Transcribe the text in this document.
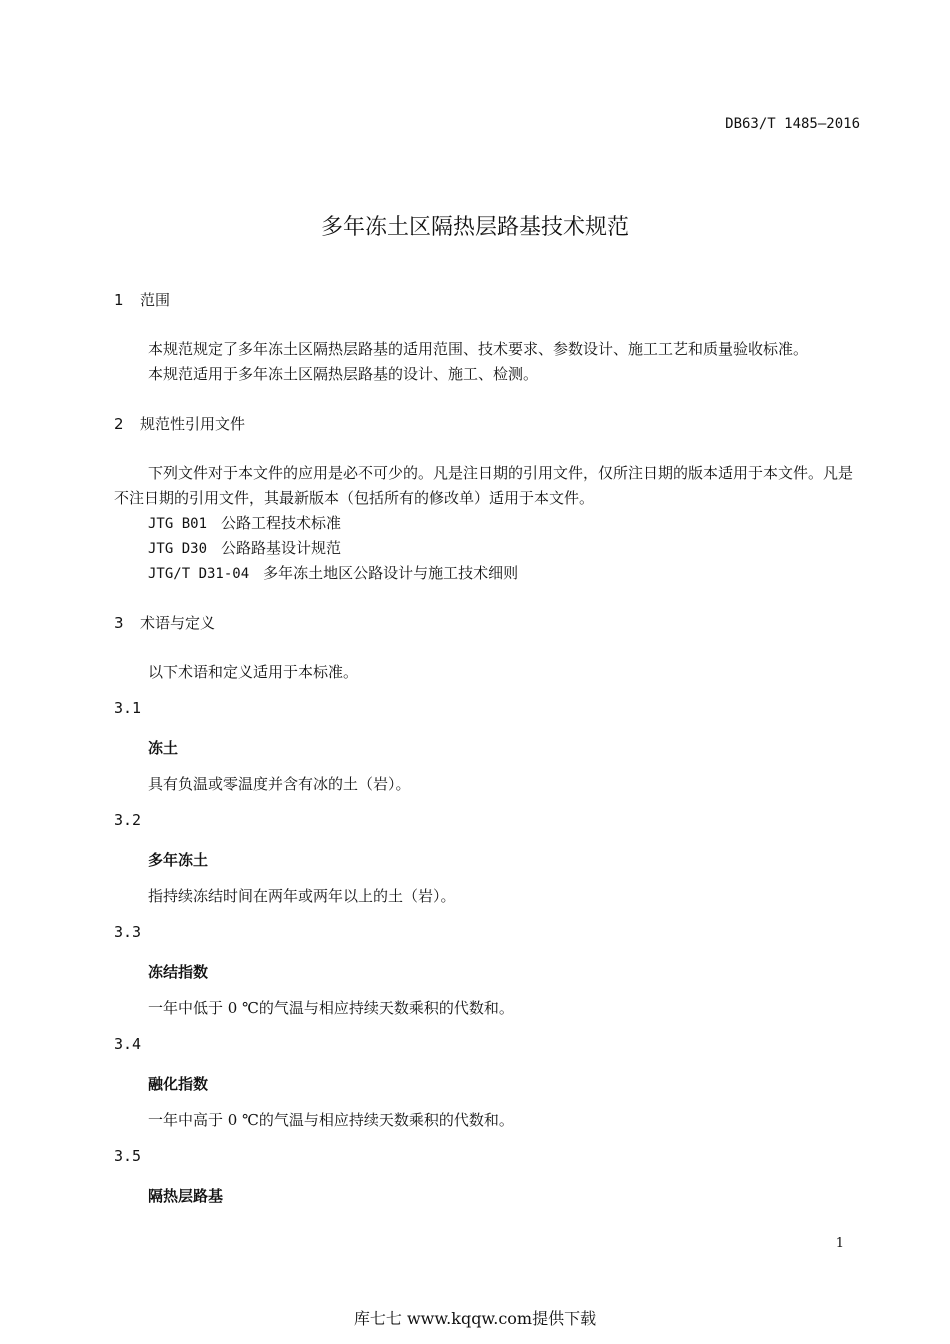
DB63/T 1485—2016
多年冻土区隔热层路基技术规范
1 范围
本规范规定了多年冻土区隔热层路基的适用范围、技术要求、参数设计、施工工艺和质量验收标准。
本规范适用于多年冻土区隔热层路基的设计、施工、检测。
2 规范性引用文件
下列文件对于本文件的应用是必不可少的。凡是注日期的引用文件，仅所注日期的版本适用于本文件。凡是不注日期的引用文件，其最新版本（包括所有的修改单）适用于本文件。
JTG B01 公路工程技术标准
JTG D30 公路路基设计规范
JTG/T D31-04 多年冻土地区公路设计与施工技术细则
3 术语与定义
以下术语和定义适用于本标准。
3.1
冻土
具有负温或零温度并含有冰的土（岩）。
3.2
多年冻土
指持续冻结时间在两年或两年以上的土（岩）。
3.3
冻结指数
一年中低于 0 ℃的气温与相应持续天数乘积的代数和。
3.4
融化指数
一年中高于 0 ℃的气温与相应持续天数乘积的代数和。
3.5
隔热层路基
1
库七七 www.kqqw.com提供下载
